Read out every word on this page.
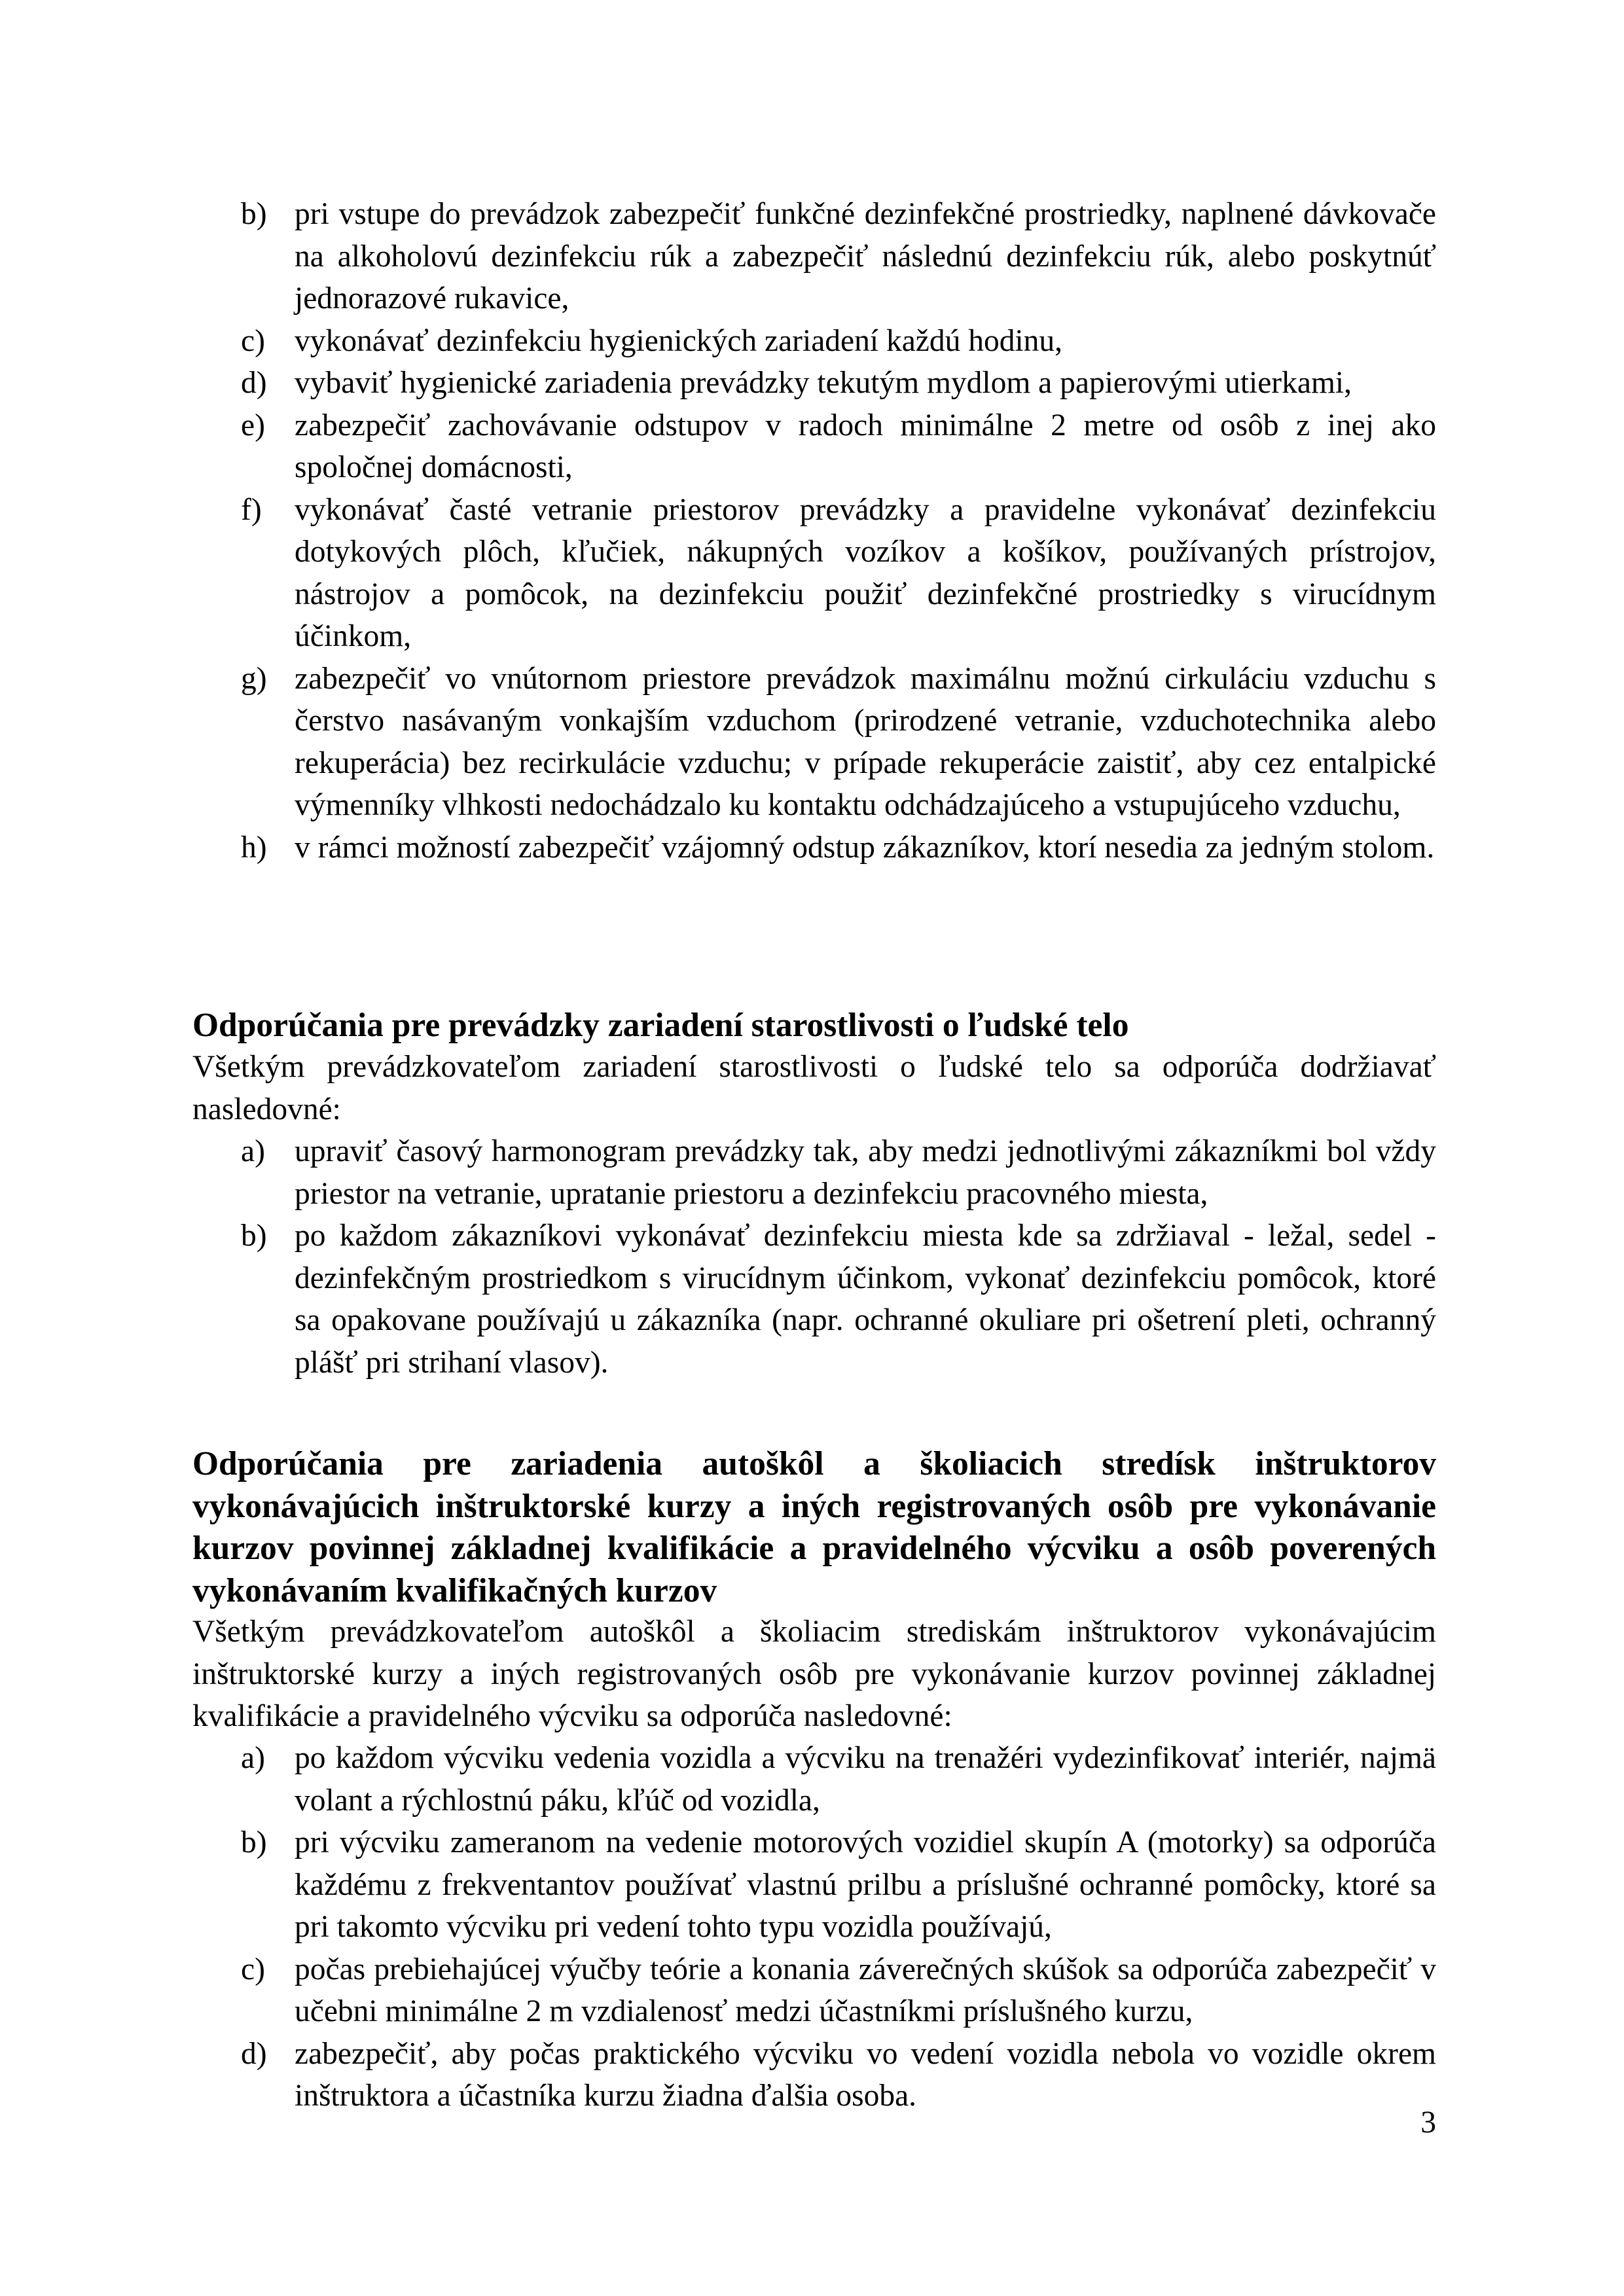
b) pri vstupe do prevádzok zabezpečiť funkčné dezinfekčné prostriedky, naplnené dávkovače na alkoholovú dezinfekciu rúk a zabezpečiť následnú dezinfekciu rúk, alebo poskytnúť jednorazové rukavice,
c) vykonávať dezinfekciu hygienických zariadení každú hodinu,
d) vybaviť hygienické zariadenia prevádzky tekutým mydlom a papierovými utierkami,
e) zabezpečiť zachovávanie odstupov v radoch minimálne 2 metre od osôb z inej ako spoločnej domácnosti,
f) vykonávať časté vetranie priestorov prevádzky a pravidelne vykonávať dezinfekciu dotykových plôch, kľučiek, nákupných vozíkov a košíkov, používaných prístrojov, nástrojov a pomôcok, na dezinfekciu použiť dezinfekčné prostriedky s virucídnym účinkom,
g) zabezpečiť vo vnútornom priestore prevádzok maximálnu možnú cirkuláciu vzduchu s čerstvo nasávaným vonkajším vzduchom (prirodzené vetranie, vzduchotechnika alebo rekuperácia) bez recirkulácie vzduchu; v prípade rekuperácie zaistiť, aby cez entalpické výmenníky vlhkosti nedochádzalo ku kontaktu odchádzajúceho a vstupujúceho vzduchu,
h) v rámci možností zabezpečiť vzájomný odstup zákazníkov, ktorí nesedia za jedným stolom.
Odporúčania pre prevádzky zariadení starostlivosti o ľudské telo
Všetkým prevádzkovateľom zariadení starostlivosti o ľudské telo sa odporúča dodržiavať nasledovné:
a) upraviť časový harmonogram prevádzky tak, aby medzi jednotlivými zákazníkmi bol vždy priestor na vetranie, upratanie priestoru a dezinfekciu pracovného miesta,
b) po každom zákazníkovi vykonávať dezinfekciu miesta kde sa zdržiaval - ležal, sedel - dezinfekčným prostriedkom s virucídnym účinkom, vykonať dezinfekciu pomôcok, ktoré sa opakovane používajú u zákazníka (napr. ochranné okuliare pri ošetrení pleti, ochranný plášť pri strihaní vlasov).
Odporúčania pre zariadenia autoškôl a školiacich stredísk inštruktorov vykonávajúcich inštruktorské kurzy a iných registrovaných osôb pre vykonávanie kurzov povinnej základnej kvalifikácie a pravidelného výcviku a osôb poverených vykonávaním kvalifikačných kurzov
Všetkým prevádzkovateľom autoškôl a školiacim strediskám inštruktorov vykonávajúcim inštruktorské kurzy a iných registrovaných osôb pre vykonávanie kurzov povinnej základnej kvalifikácie a pravidelného výcviku sa odporúča nasledovné:
a) po každom výcviku vedenia vozidla a výcviku na trenažéri vydezinfikovať interiér, najmä volant a rýchlostnú páku, kľúč od vozidla,
b) pri výcviku zameranom na vedenie motorových vozidiel skupín A (motorky) sa odporúča každému z frekventantov používať vlastnú prilbu a príslušné ochranné pomôcky, ktoré sa pri takomto výcviku pri vedení tohto typu vozidla používajú,
c) počas prebiehajúcej výučby teórie a konania záverečných skúšok sa odporúča zabezpečiť v učebni minimálne 2 m vzdialenosť medzi účastníkmi príslušného kurzu,
d) zabezpečiť, aby počas praktického výcviku vo vedení vozidla nebola vo vozidle okrem inštruktora a účastníka kurzu žiadna ďalšia osoba.
3
